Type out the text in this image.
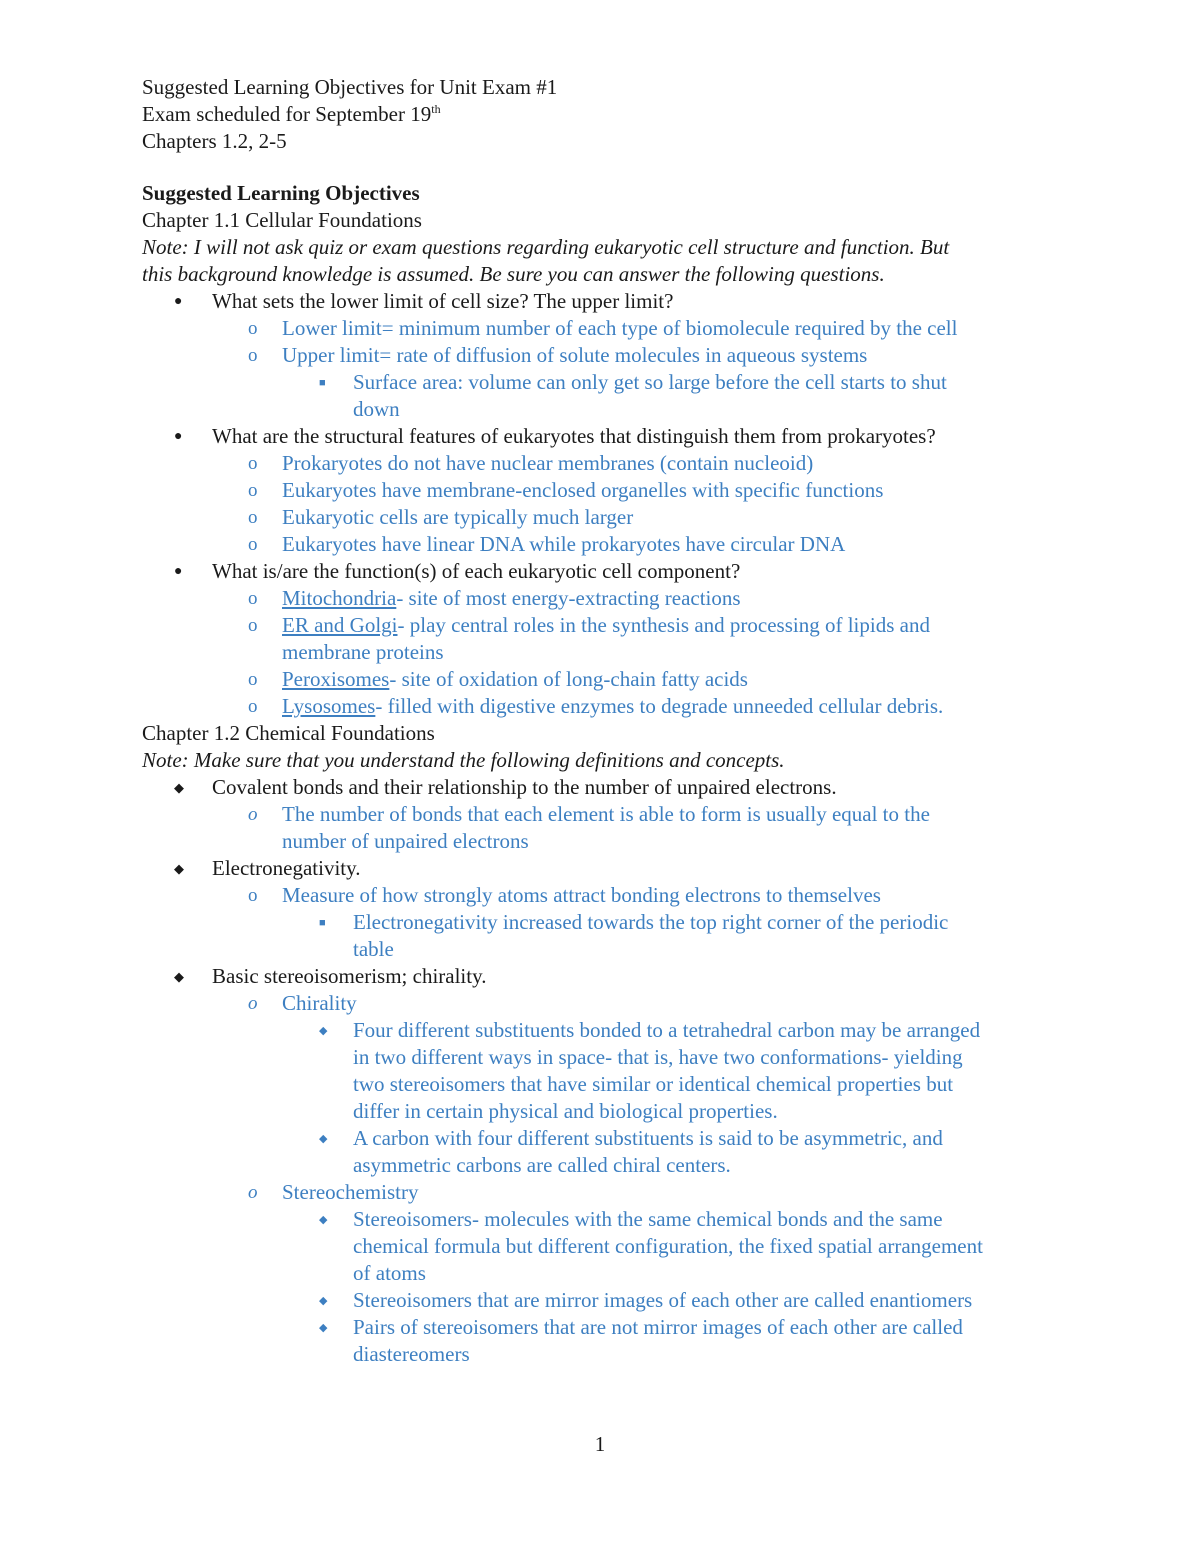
Suggested Learning Objectives for Unit Exam #1
Exam scheduled for September 19th
Chapters 1.2, 2-5
Suggested Learning Objectives
Chapter 1.1 Cellular Foundations
Note: I will not ask quiz or exam questions regarding eukaryotic cell structure and function. But
this background knowledge is assumed. Be sure you can answer the following questions.
● What sets the lower limit of cell size? The upper limit?
o Lower limit= minimum number of each type of biomolecule required by the cell
o Upper limit= rate of diffusion of solute molecules in aqueous systems
■ Surface area: volume can only get so large before the cell starts to shut
down
● What are the structural features of eukaryotes that distinguish them from prokaryotes?
o Prokaryotes do not have nuclear membranes (contain nucleoid)
o Eukaryotes have membrane-enclosed organelles with specific functions
o Eukaryotic cells are typically much larger
o Eukaryotes have linear DNA while prokaryotes have circular DNA
● What is/are the function(s) of each eukaryotic cell component?
o Mitochondria- site of most energy-extracting reactions
o ER and Golgi- play central roles in the synthesis and processing of lipids and
membrane proteins
o Peroxisomes- site of oxidation of long-chain fatty acids
o Lysosomes- filled with digestive enzymes to degrade unneeded cellular debris.
Chapter 1.2 Chemical Foundations
Note: Make sure that you understand the following definitions and concepts.
◆ Covalent bonds and their relationship to the number of unpaired electrons.
o The number of bonds that each element is able to form is usually equal to the
number of unpaired electrons
◆ Electronegativity.
o Measure of how strongly atoms attract bonding electrons to themselves
■ Electronegativity increased towards the top right corner of the periodic
table
◆ Basic stereoisomerism; chirality.
o Chirality
◆ Four different substituents bonded to a tetrahedral carbon may be arranged
in two different ways in space- that is, have two conformations- yielding
two stereoisomers that have similar or identical chemical properties but
differ in certain physical and biological properties.
◆ A carbon with four different substituents is said to be asymmetric, and
asymmetric carbons are called chiral centers.
o Stereochemistry
◆ Stereoisomers- molecules with the same chemical bonds and the same
chemical formula but different configuration, the fixed spatial arrangement
of atoms
◆ Stereoisomers that are mirror images of each other are called enantiomers
◆ Pairs of stereoisomers that are not mirror images of each other are called
diastereomers
1
